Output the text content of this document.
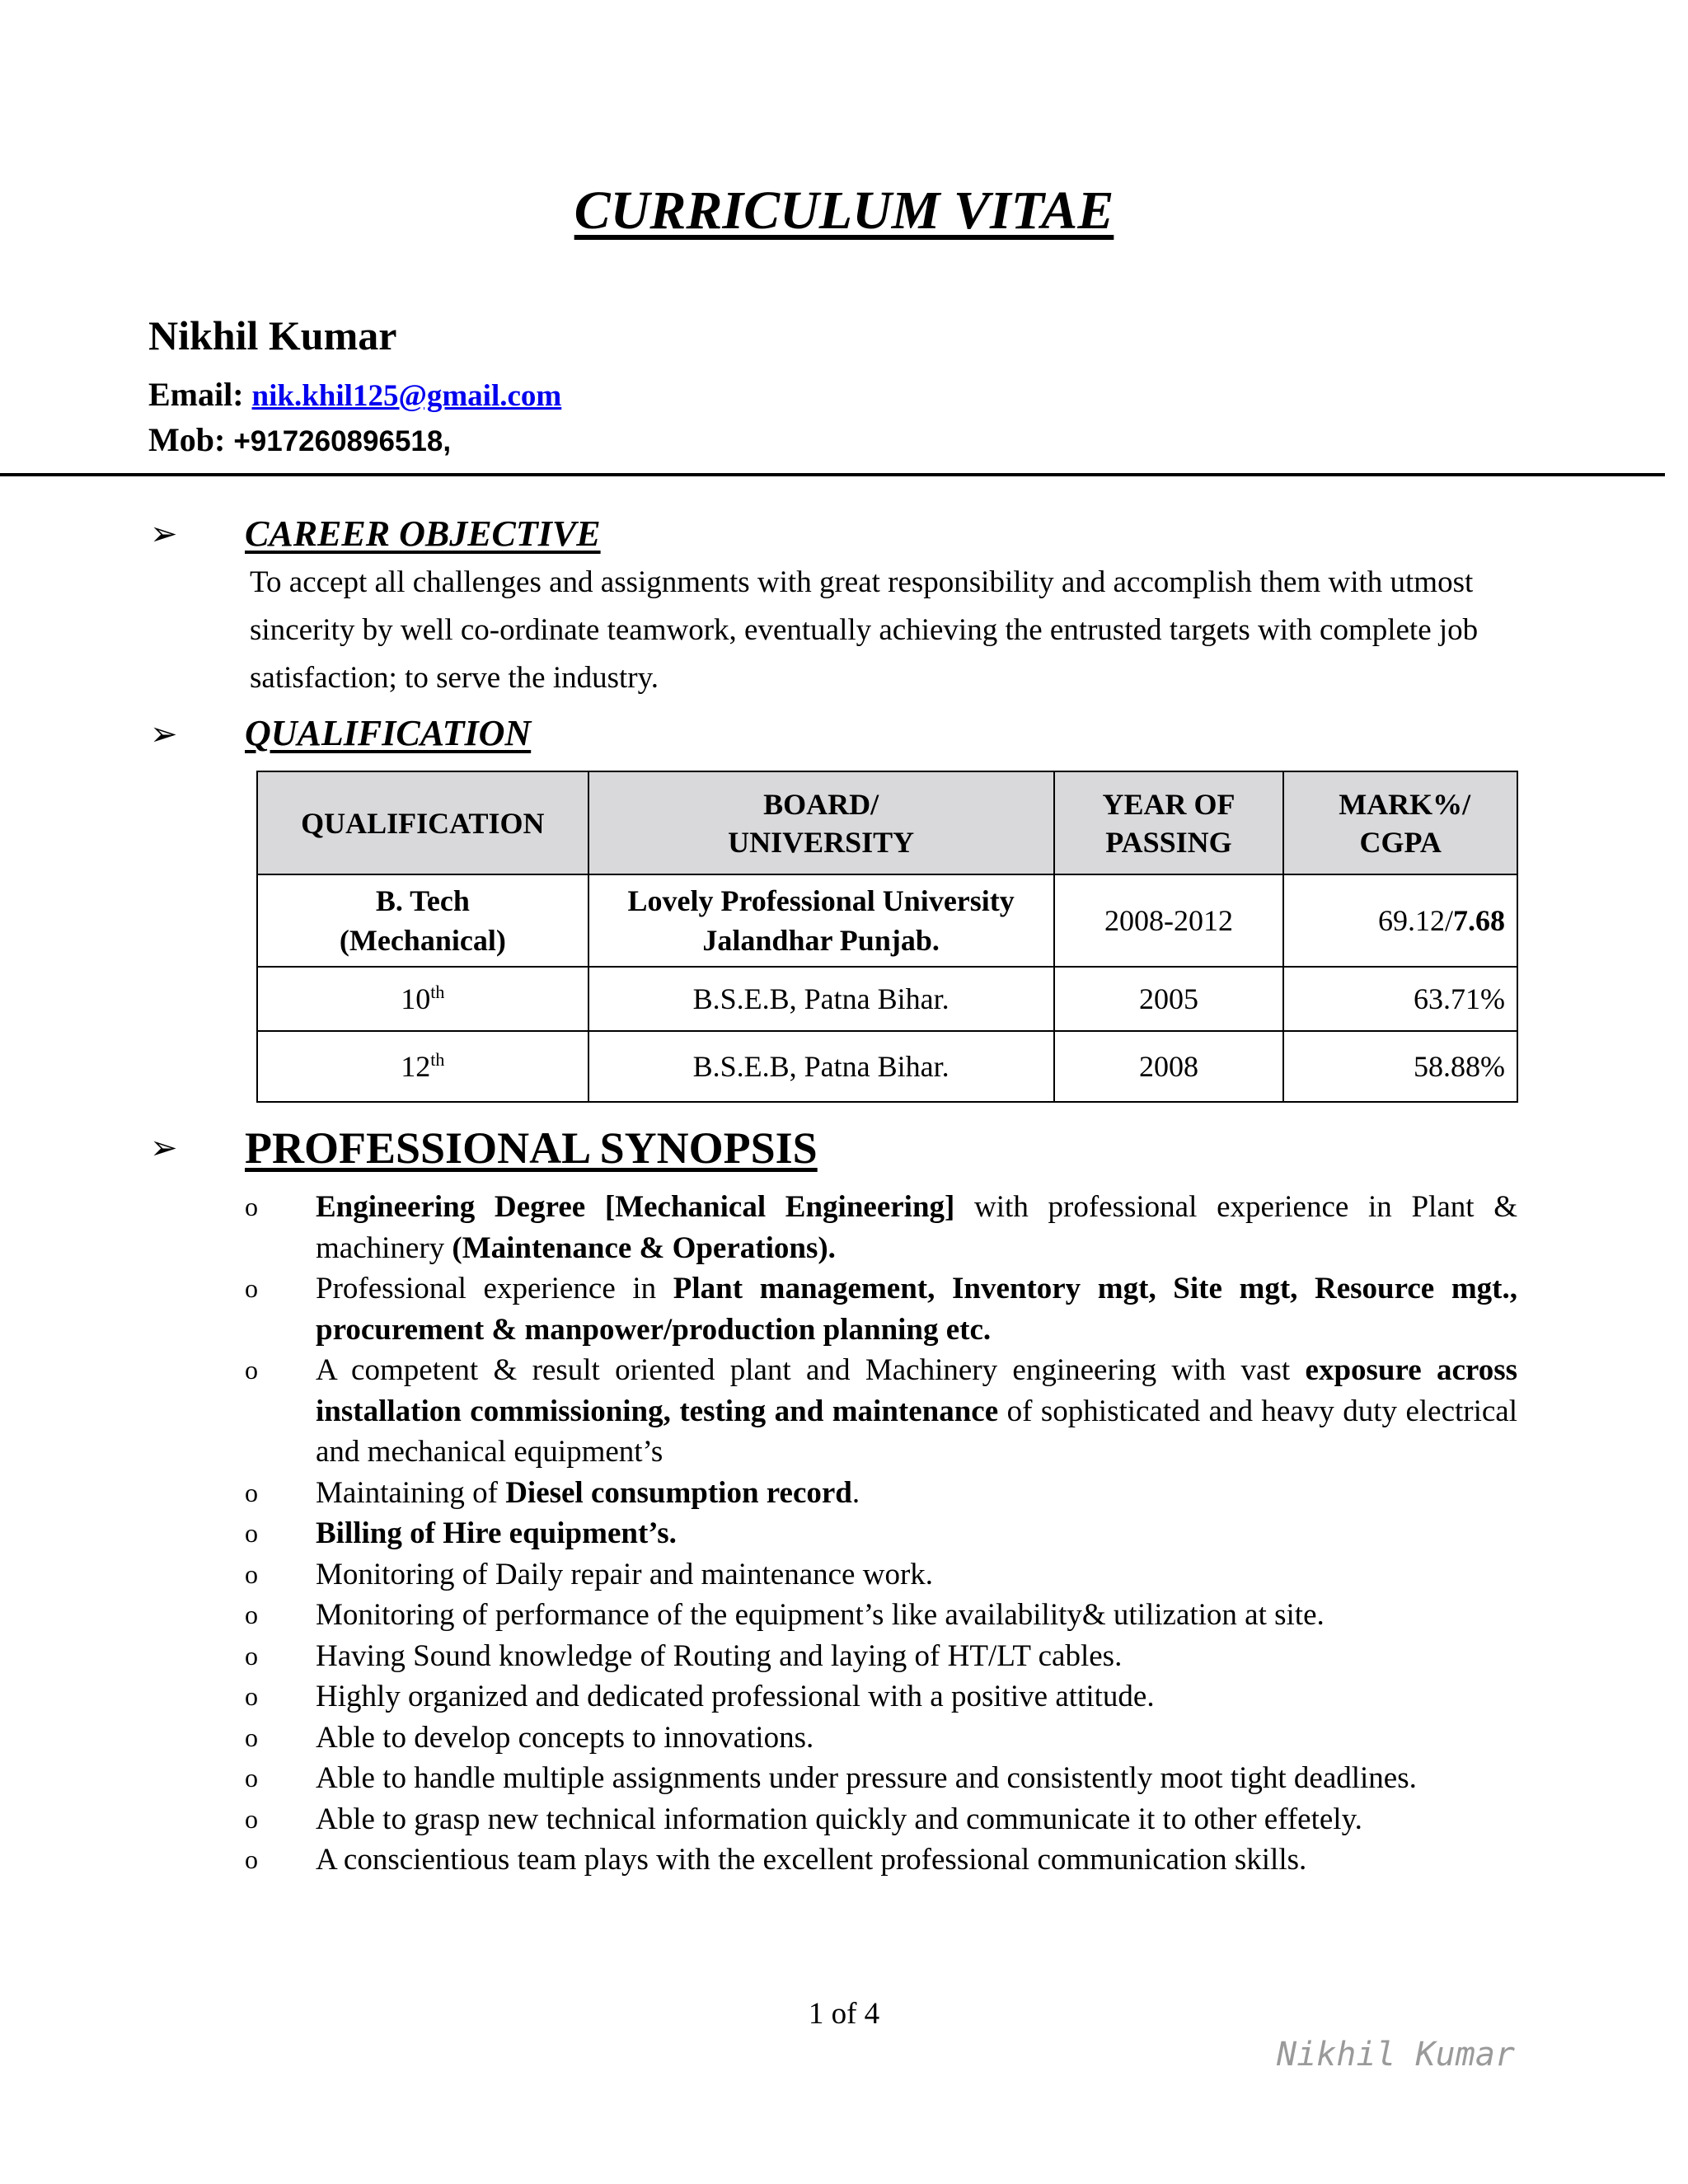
CURRICULUM VITAE
Nikhil Kumar
Email: nik.khil125@gmail.com
Mob: +917260896518,
➢ CAREER OBJECTIVE
To accept all challenges and assignments with great responsibility and accomplish them with utmost sincerity by well co-ordinate teamwork, eventually achieving the entrusted targets with complete job satisfaction; to serve the industry.
➢ QUALIFICATION
QUALIFICATION	BOARD/ UNIVERSITY	YEAR OF PASSING	MARK%/ CGPA
B. Tech (Mechanical)	Lovely Professional University Jalandhar Punjab.	2008-2012	69.12/7.68
10th	B.S.E.B, Patna Bihar.	2005	63.71%
12th	B.S.E.B, Patna Bihar.	2008	58.88%
➢ PROFESSIONAL SYNOPSIS
o Engineering Degree [Mechanical Engineering] with professional experience in Plant & machinery (Maintenance & Operations).
o Professional experience in Plant management, Inventory mgt, Site mgt, Resource mgt., procurement & manpower/production planning etc.
o A competent & result oriented plant and Machinery engineering with vast exposure across installation commissioning, testing and maintenance of sophisticated and heavy duty electrical and mechanical equipment’s
o Maintaining of Diesel consumption record.
o Billing of Hire equipment’s.
o Monitoring of Daily repair and maintenance work.
o Monitoring of performance of the equipment’s like availability& utilization at site.
o Having Sound knowledge of Routing and laying of HT/LT cables.
o Highly organized and dedicated professional with a positive attitude.
o Able to develop concepts to innovations.
o Able to handle multiple assignments under pressure and consistently moot tight deadlines.
o Able to grasp new technical information quickly and communicate it to other effetely.
o A conscientious team plays with the excellent professional communication skills.
1 of 4
Nikhil Kumar
